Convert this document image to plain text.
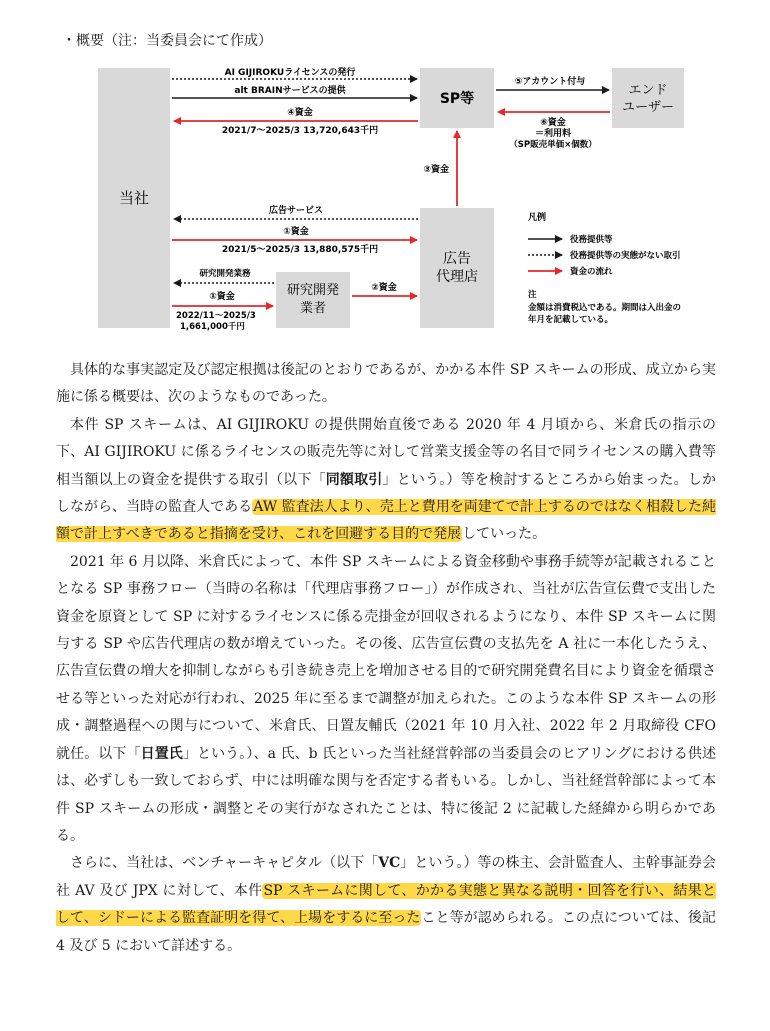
・概要（注：当委員会にて作成）
当社
SP等
エンド
ユーザー
広告
代理店
研究開発
業者
AI GIJIROKUライセンスの発行
alt BRAINサービスの提供
④資金
2021/7～2025/3 13,720,643千円
⑤アカウント付与
⑥資金
＝利用料
（SP販売単価×個数）
③資金
広告サービス
①資金
2021/5～2025/3 13,880,575千円
研究開発業務
①資金
2022/11～2025/3
1,661,000千円
②資金
凡例
役務提供等
役務提供等の実態がない取引
資金の流れ
注
金額は消費税込である。期間は入出金の
年月を記載している。

具体的な事実認定及び認定根拠は後記のとおりであるが、かかる本件 SP スキームの形成、成立から実施に係る概要は、次のようなものであった。

本件 SP スキームは、AI GIJIROKU の提供開始直後である 2020 年 4 月頃から、米倉氏の指示の下、AI GIJIROKU に係るライセンスの販売先等に対して営業支援金等の名目で同ライセンスの購入費等相当額以上の資金を提供する取引（以下「同額取引」という。）等を検討するところから始まった。しかしながら、当時の監査人であるAW 監査法人より、売上と費用を両建てで計上するのではなく相殺した純額で計上すべきであると指摘を受け、これを回避する目的で発展していった。

2021 年 6 月以降、米倉氏によって、本件 SP スキームによる資金移動や事務手続等が記載されることとなる SP 事務フロー（当時の名称は「代理店事務フロー」）が作成され、当社が広告宣伝費で支出した資金を原資として SP に対するライセンスに係る売掛金が回収されるようになり、本件 SP スキームに関与する SP や広告代理店の数が増えていった。その後、広告宣伝費の支払先を A 社に一本化したうえ、広告宣伝費の増大を抑制しながらも引き続き売上を増加させる目的で研究開発費名目により資金を循環させる等といった対応が行われ、2025 年に至るまで調整が加えられた。このような本件 SP スキームの形成・調整過程への関与について、米倉氏、日置友輔氏（2021 年 10 月入社、2022 年 2 月取締役 CFO 就任。以下「日置氏」という。）、a 氏、b 氏といった当社経営幹部の当委員会のヒアリングにおける供述は、必ずしも一致しておらず、中には明確な関与を否定する者もいる。しかし、当社経営幹部によって本件 SP スキームの形成・調整とその実行がなされたことは、特に後記 2 に記載した経緯から明らかである。

さらに、当社は、ベンチャーキャピタル（以下「VC」という。）等の株主、会計監査人、主幹事証券会社 AV 及び JPX に対して、本件SP スキームに関して、かかる実態と異なる説明・回答を行い、結果として、シドーによる監査証明を得て、上場をするに至ったこと等が認められる。この点については、後記 4 及び 5 において詳述する。
